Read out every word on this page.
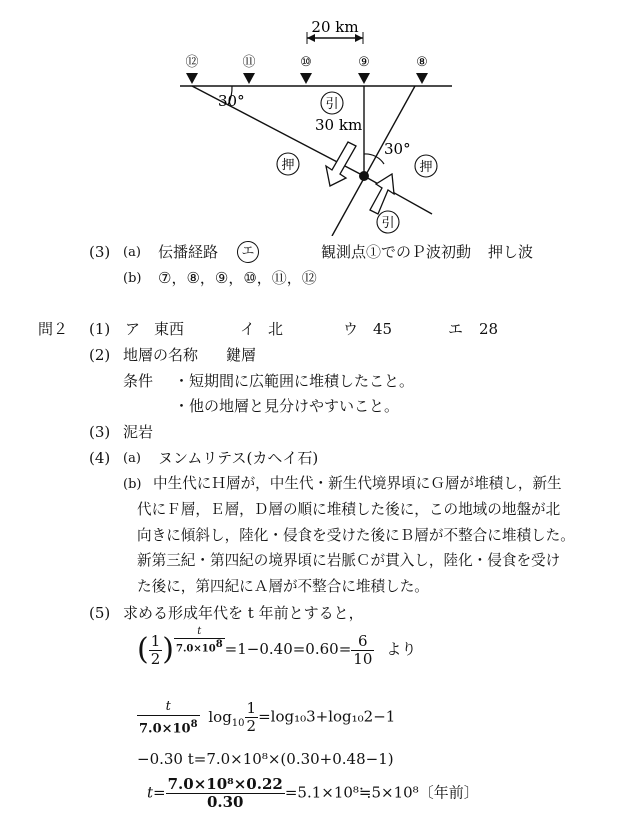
20 km
⑫	⑪	⑩	⑨	⑧
30°
30°
30 km
引
押	押
引
(3) (a) 伝播経路	エ	観測点①でのＰ波初動 押し波
(b) ⑦，⑧，⑨，⑩，⑪，⑫
問２ (1) ア 東西	イ 北	ウ 45	エ 28
(2) 地層の名称 鍵層
条件 ・短期間に広範囲に堆積したこと。
・他の地層と見分けやすいこと。
(3) 泥岩
(4) (a) ヌンムリテス(カヘイ石)
(b) 中生代にＨ層が，中生代・新生代境界頃にＧ層が堆積し，新生
代にＦ層，Ｅ層，Ｄ層の順に堆積した後に，この地域の地盤が北
向きに傾斜し，陸化・侵食を受けた後にＢ層が不整合に堆積した。
新第三紀・第四紀の境界頃に岩脈Ｃが貫入し，陸化・侵食を受け
た後に，第四紀にＡ層が不整合に堆積した。
(5) 求める形成年代を t 年前とすると，
( $\frac{1}{2}$ ) $\frac{t}{7.0\times 10^8} =1-0.40=0.60= \frac{6}{10}$ より
$\frac{t}{7.0\times 10^8} \log_{10} \frac{1}{2} =\log_{10}3+\log_{10}2-1$
−0.30 t=7.0×10⁸×(0.30+0.48−1)
$t= \frac{\text{7.0×10⁸×0.22}}{0.30}$ =5.1×10⁸≒5×10⁸〔年前〕
